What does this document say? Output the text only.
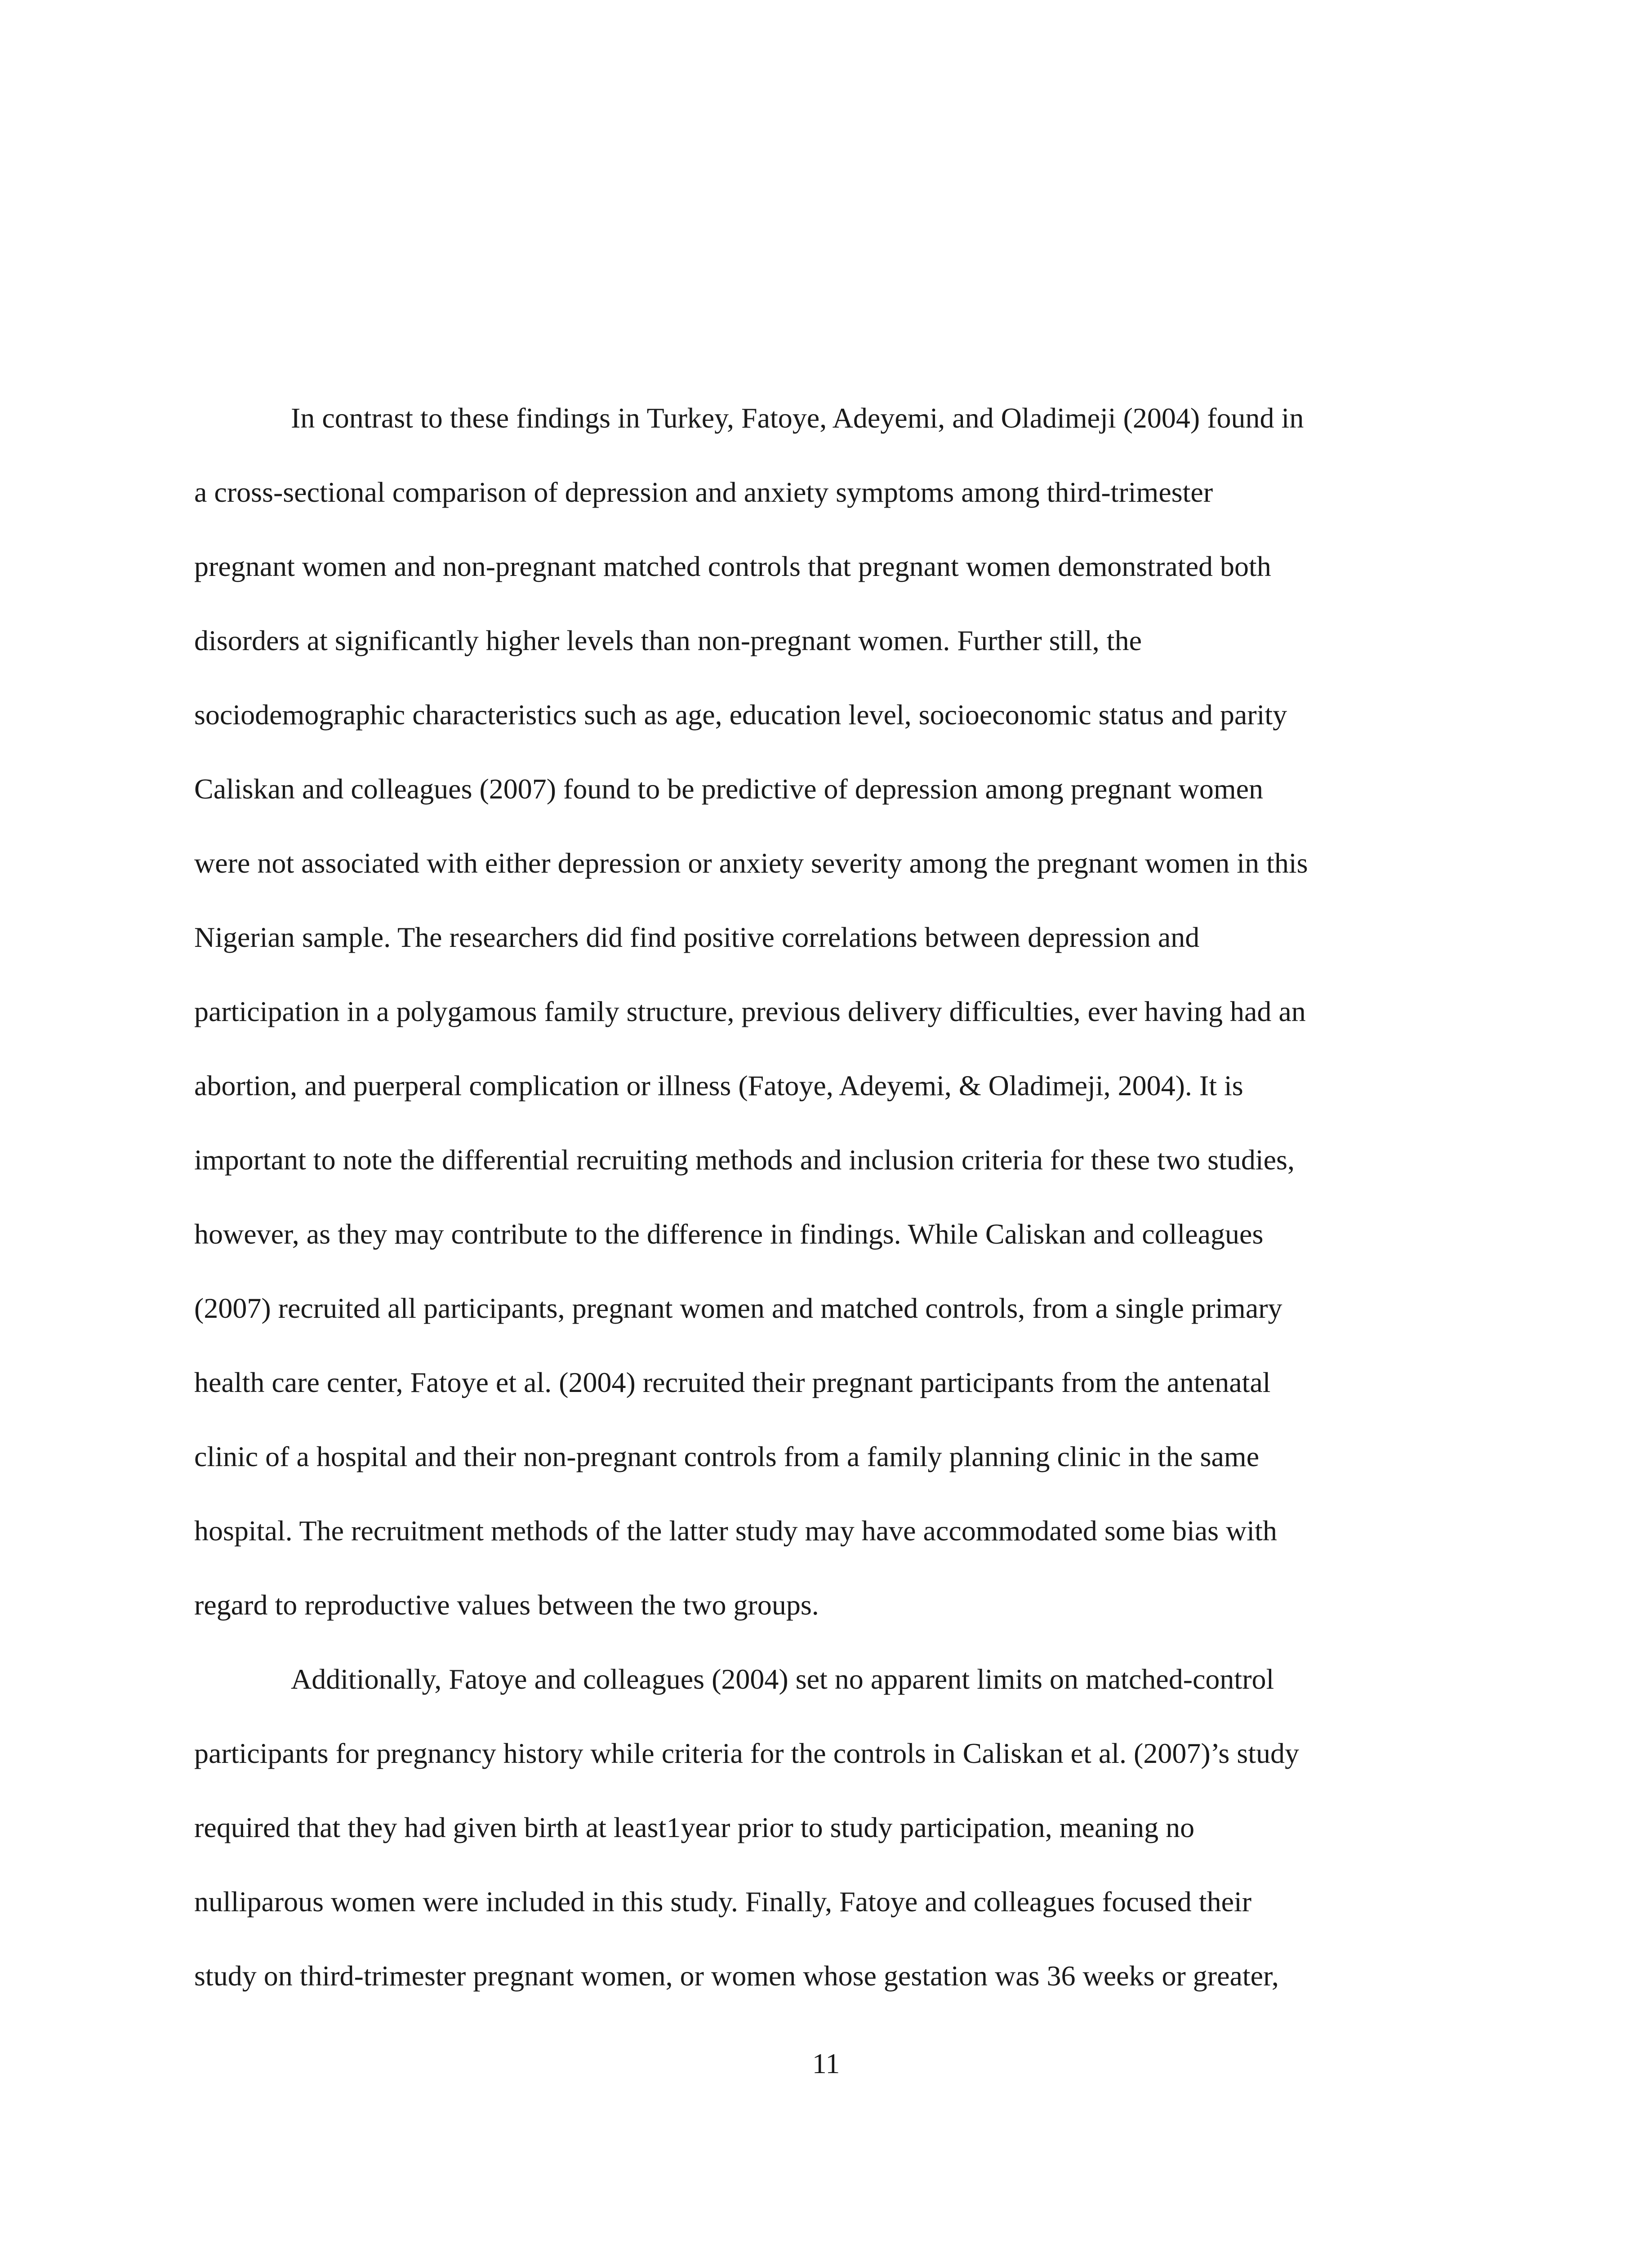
In contrast to these findings in Turkey, Fatoye, Adeyemi, and Oladimeji (2004) found in
a cross-sectional comparison of depression and anxiety symptoms among third-trimester
pregnant women and non-pregnant matched controls that pregnant women demonstrated both
disorders at significantly higher levels than non-pregnant women. Further still, the
sociodemographic characteristics such as age, education level, socioeconomic status and parity
Caliskan and colleagues (2007) found to be predictive of depression among pregnant women
were not associated with either depression or anxiety severity among the pregnant women in this
Nigerian sample. The researchers did find positive correlations between depression and
participation in a polygamous family structure, previous delivery difficulties, ever having had an
abortion, and puerperal complication or illness (Fatoye, Adeyemi, & Oladimeji, 2004). It is
important to note the differential recruiting methods and inclusion criteria for these two studies,
however, as they may contribute to the difference in findings. While Caliskan and colleagues
(2007) recruited all participants, pregnant women and matched controls, from a single primary
health care center, Fatoye et al. (2004) recruited their pregnant participants from the antenatal
clinic of a hospital and their non-pregnant controls from a family planning clinic in the same
hospital. The recruitment methods of the latter study may have accommodated some bias with
regard to reproductive values between the two groups.
Additionally, Fatoye and colleagues (2004) set no apparent limits on matched-control
participants for pregnancy history while criteria for the controls in Caliskan et al. (2007)’s study
required that they had given birth at least1year prior to study participation, meaning no
nulliparous women were included in this study. Finally, Fatoye and colleagues focused their
study on third-trimester pregnant women, or women whose gestation was 36 weeks or greater,
11
